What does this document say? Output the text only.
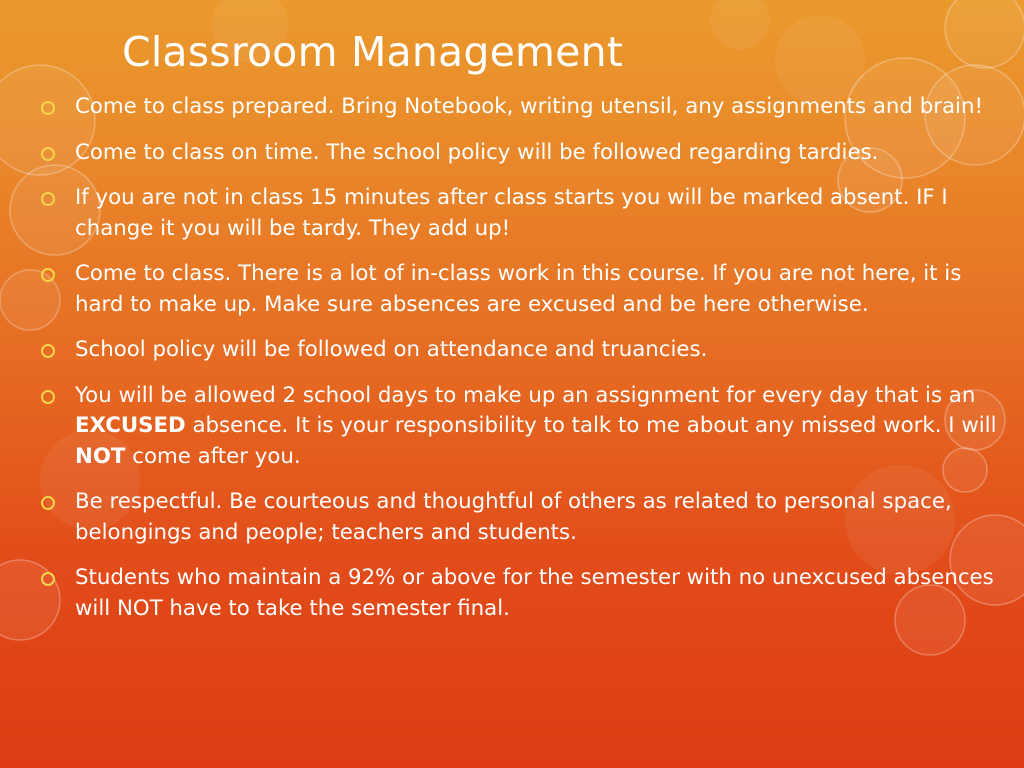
Classroom Management
Come to class prepared. Bring Notebook, writing utensil, any assignments and brain!
Come to class on time. The school policy will be followed regarding tardies.
If you are not in class 15 minutes after class starts you will be marked absent. IF I change it you will be tardy. They add up!
Come to class. There is a lot of in-class work in this course. If you are not here, it is hard to make up. Make sure absences are excused and be here otherwise.
School policy will be followed on attendance and truancies.
You will be allowed 2 school days to make up an assignment for every day that is an EXCUSED absence. It is your responsibility to talk to me about any missed work. I will NOT come after you.
Be respectful. Be courteous and thoughtful of others as related to personal space, belongings and people; teachers and students.
Students who maintain a 92% or above for the semester with no unexcused absences will NOT have to take the semester final.
